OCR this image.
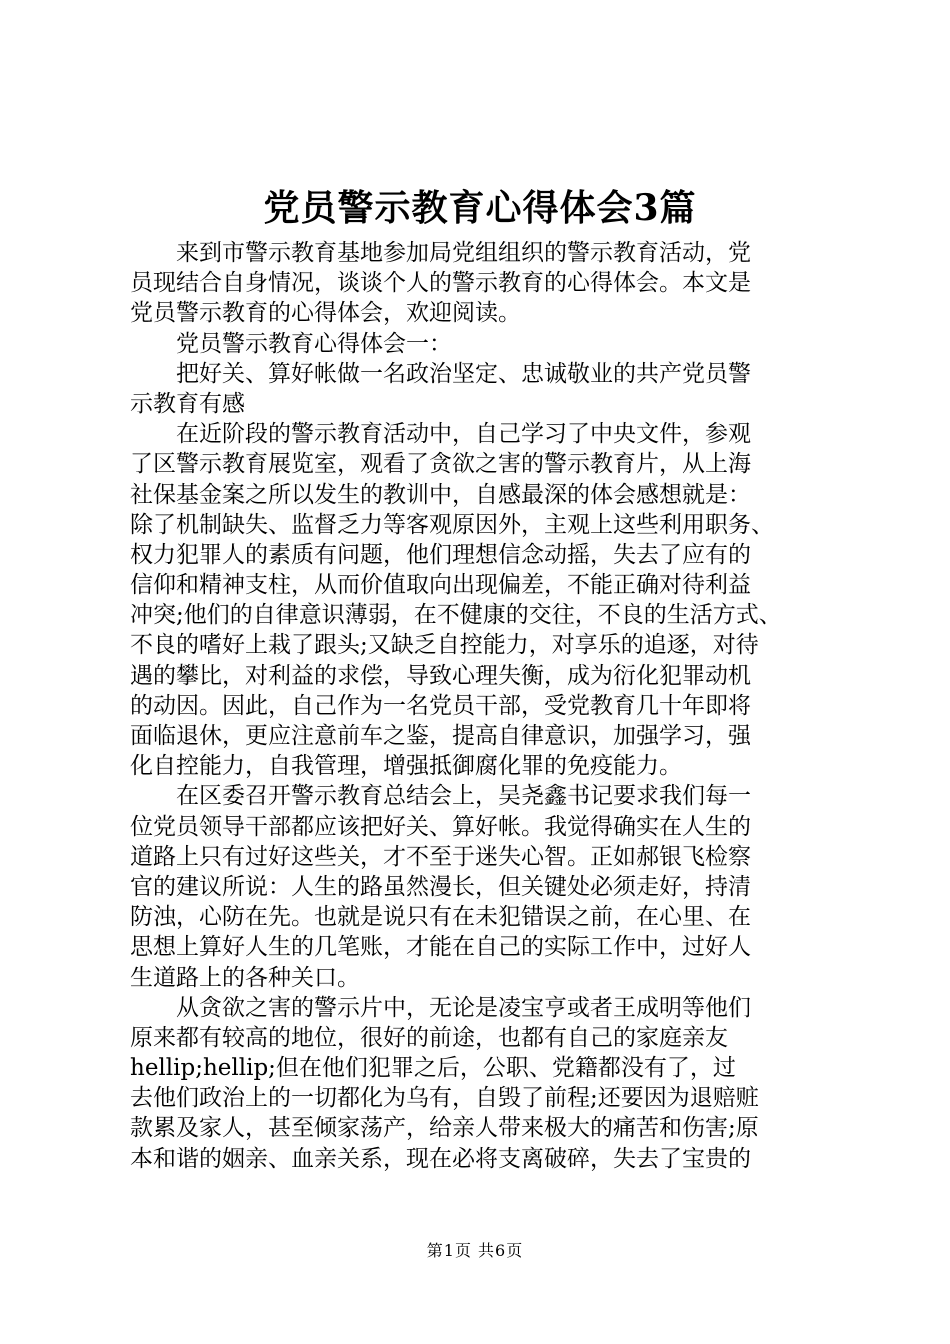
党员警示教育心得体会3篇
　　来到市警示教育基地参加局党组组织的警示教育活动，党
员现结合自身情况，谈谈个人的警示教育的心得体会。本文是
党员警示教育的心得体会，欢迎阅读。
　　党员警示教育心得体会一：
　　把好关、算好帐做一名政治坚定、忠诚敬业的共产党员警
示教育有感
　　在近阶段的警示教育活动中，自己学习了中央文件，参观
了区警示教育展览室，观看了贪欲之害的警示教育片，从上海
社保基金案之所以发生的教训中，自感最深的体会感想就是：
除了机制缺失、监督乏力等客观原因外，主观上这些利用职务、
权力犯罪人的素质有问题，他们理想信念动摇，失去了应有的
信仰和精神支柱，从而价值取向出现偏差，不能正确对待利益
冲突;他们的自律意识薄弱，在不健康的交往，不良的生活方式、
不良的嗜好上栽了跟头;又缺乏自控能力，对享乐的追逐，对待
遇的攀比，对利益的求偿，导致心理失衡，成为衍化犯罪动机
的动因。因此，自己作为一名党员干部，受党教育几十年即将
面临退休，更应注意前车之鉴，提高自律意识，加强学习，强
化自控能力，自我管理，增强抵御腐化罪的免疫能力。
　　在区委召开警示教育总结会上，吴尧鑫书记要求我们每一
位党员领导干部都应该把好关、算好帐。我觉得确实在人生的
道路上只有过好这些关，才不至于迷失心智。正如郝银飞检察
官的建议所说：人生的路虽然漫长，但关键处必须走好，持清
防浊，心防在先。也就是说只有在未犯错误之前，在心里、在
思想上算好人生的几笔账，才能在自己的实际工作中，过好人
生道路上的各种关口。
　　从贪欲之害的警示片中，无论是凌宝亨或者王成明等他们
原来都有较高的地位，很好的前途，也都有自己的家庭亲友
hellip;hellip;但在他们犯罪之后，公职、党籍都没有了，过
去他们政治上的一切都化为乌有，自毁了前程;还要因为退赔赃
款累及家人，甚至倾家荡产，给亲人带来极大的痛苦和伤害;原
本和谐的姻亲、血亲关系，现在必将支离破碎，失去了宝贵的
第1页 共6页
